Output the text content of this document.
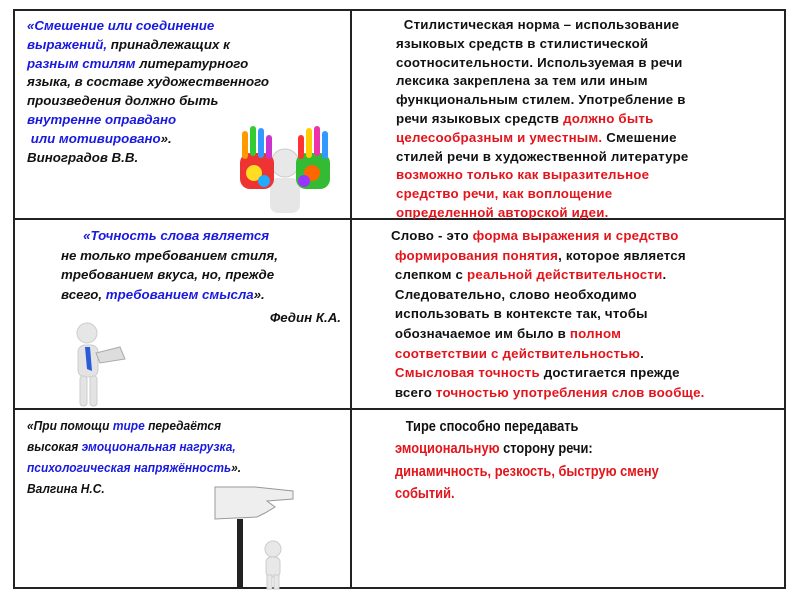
«Смешение или соединение
выражений, принадлежащих к
разным стилям литературного
языка, в составе художественного
произведения должно быть
внутренне оправдано
или мотивировано».
Виноградов В.В.
Стилистическая норма – использование
языковых средств в стилистической
соотносительности. Используемая в речи
лексика закреплена за тем или иным
функциональным стилем. Употребление в
речи языковых средств должно быть
целесообразным и уместным. Смешение
стилей речи в художественной литературе
возможно только как выразительное
средство речи, как воплощение
определенной авторской идеи.
«Точность слова является
не только требованием стиля,
требованием вкуса, но, прежде
всего, требованием смысла».
Федин К.А.
Слово - это форма выражения и средство
формирования понятия, которое является
слепком с реальной действительности.
Следовательно, слово необходимо
использовать в контексте так, чтобы
обозначаемое им было в полном
соответствии с действительностью.
Смысловая точность достигается прежде
всего точностью употребления слов вообще.
«При помощи тире передаётся
высокая эмоциональная нагрузка,
психологическая напряжённость».
Валгина Н.С.
Тире способно передавать
эмоциональную сторону речи:
динамичность, резкость, быструю смену
событий.
